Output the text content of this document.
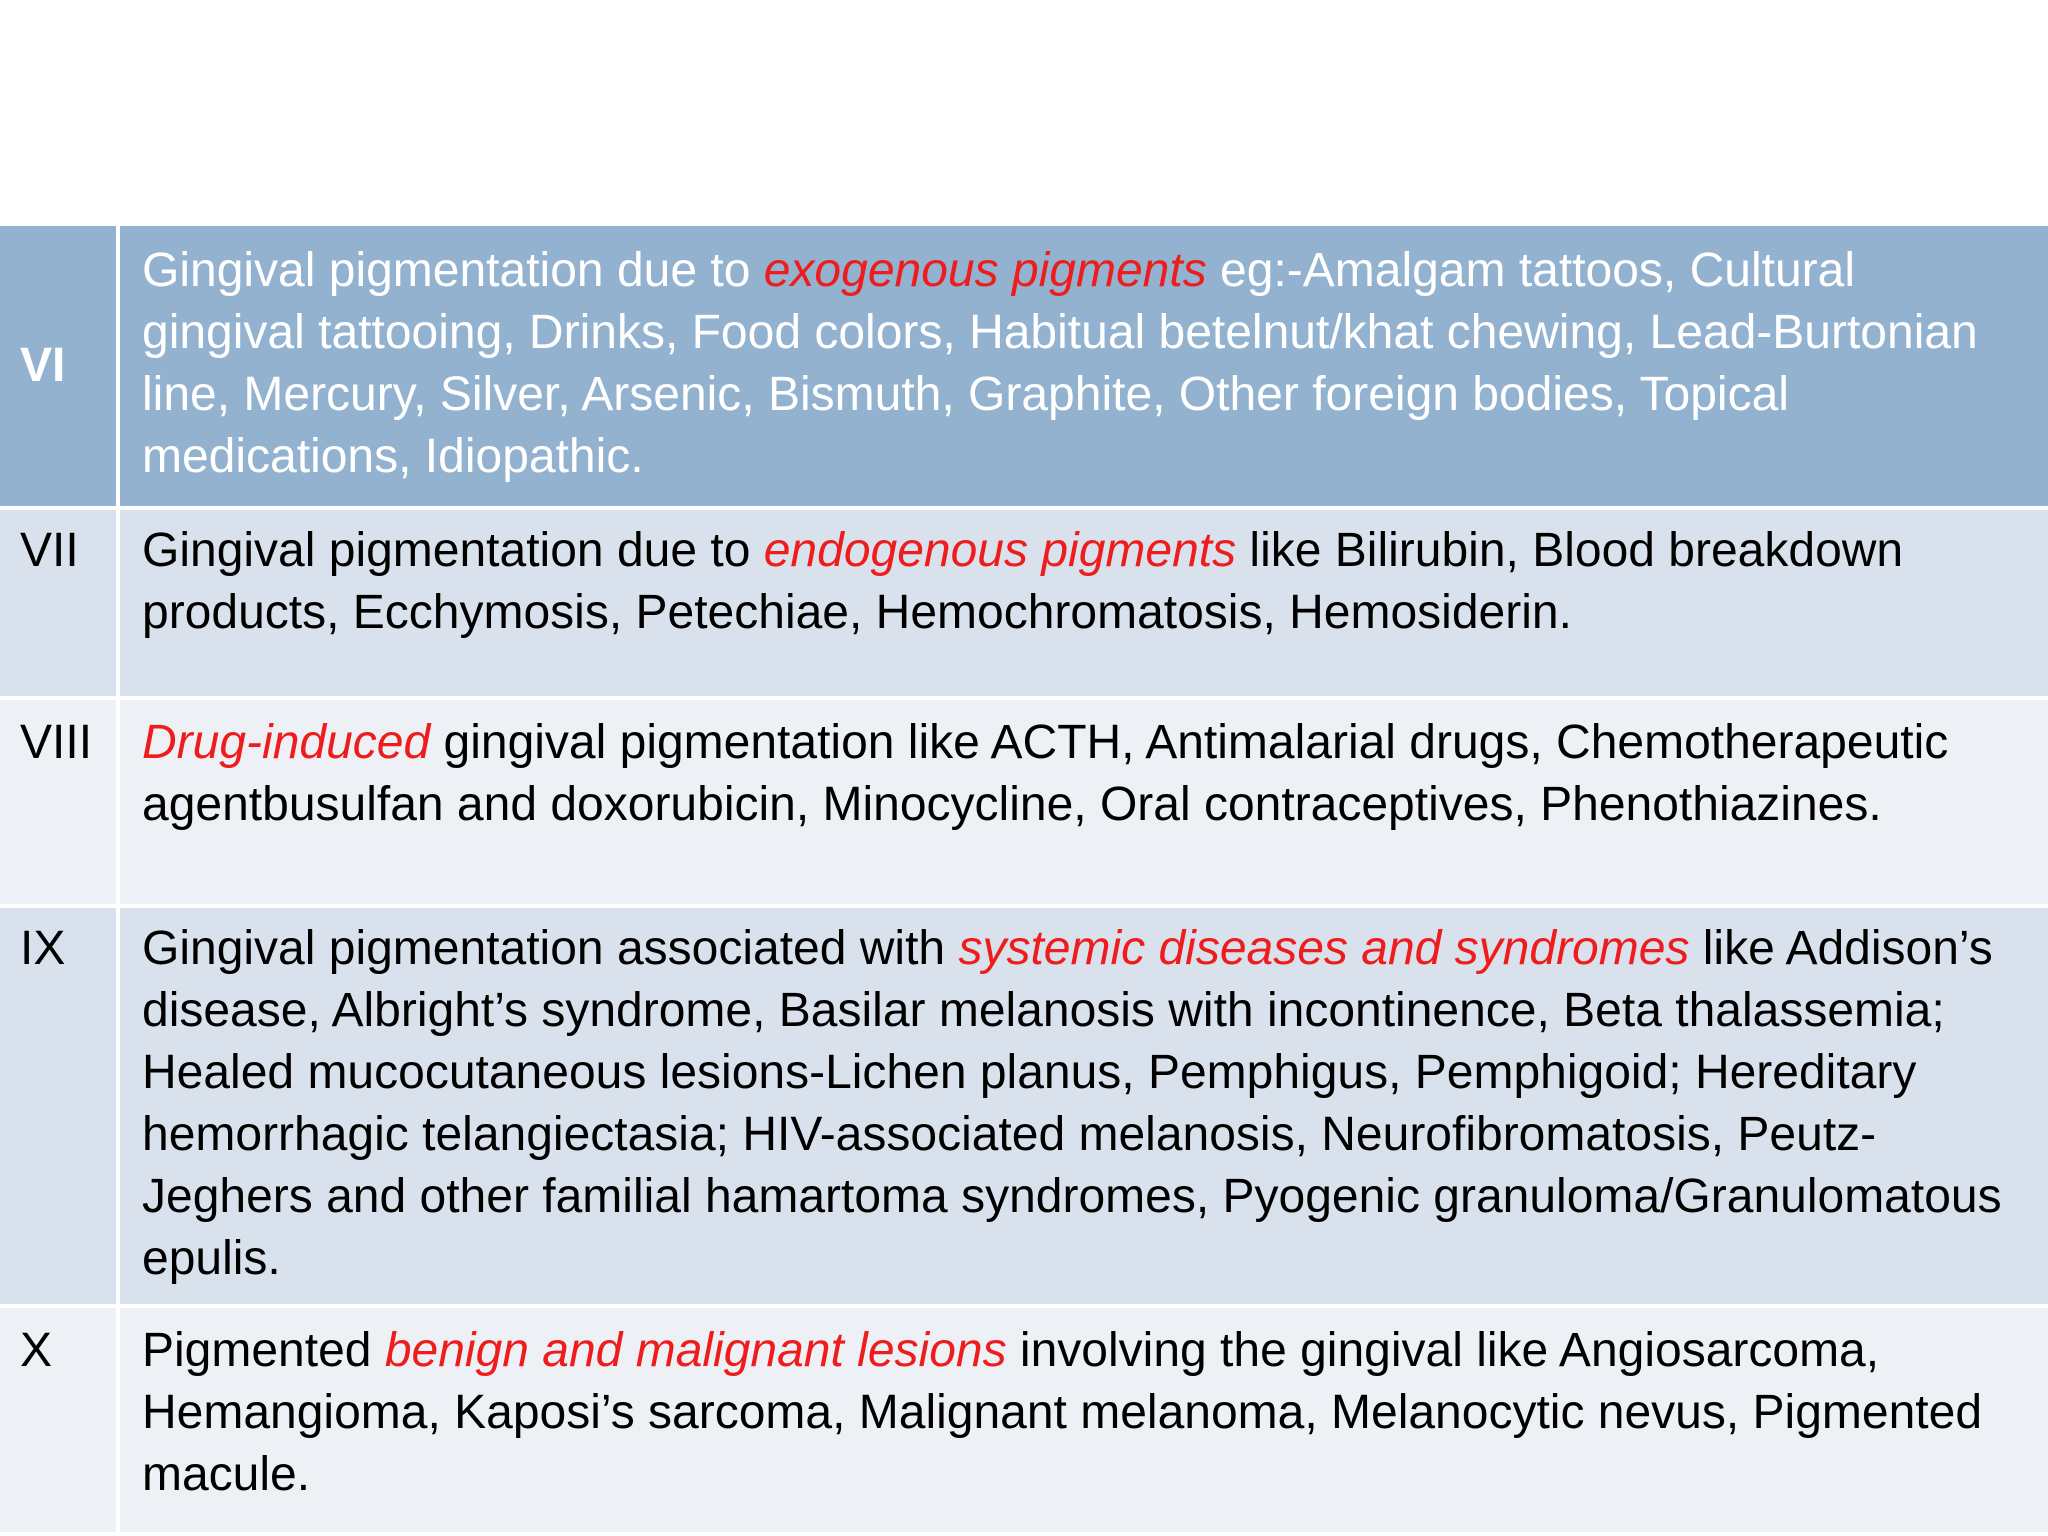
VI	Gingival pigmentation due to exogenous pigments eg:-Amalgam tattoos, Cultural gingival tattooing, Drinks, Food colors, Habitual betelnut/khat chewing, Lead-Burtonian line, Mercury, Silver, Arsenic, Bismuth, Graphite, Other foreign bodies, Topical medications, Idiopathic.
VII	Gingival pigmentation due to endogenous pigments like Bilirubin, Blood breakdown products, Ecchymosis, Petechiae, Hemochromatosis, Hemosiderin.
VIII	Drug-induced gingival pigmentation like ACTH, Antimalarial drugs, Chemotherapeutic agentbusulfan and doxorubicin, Minocycline, Oral contraceptives, Phenothiazines.
IX	Gingival pigmentation associated with systemic diseases and syndromes like Addison’s disease, Albright’s syndrome, Basilar melanosis with incontinence, Beta thalassemia; Healed mucocutaneous lesions-Lichen planus, Pemphigus, Pemphigoid; Hereditary hemorrhagic telangiectasia; HIV-associated melanosis, Neurofibromatosis, Peutz-Jeghers and other familial hamartoma syndromes, Pyogenic granuloma/Granulomatous epulis.
X	Pigmented benign and malignant lesions involving the gingival like Angiosarcoma, Hemangioma, Kaposi’s sarcoma, Malignant melanoma, Melanocytic nevus, Pigmented macule.
